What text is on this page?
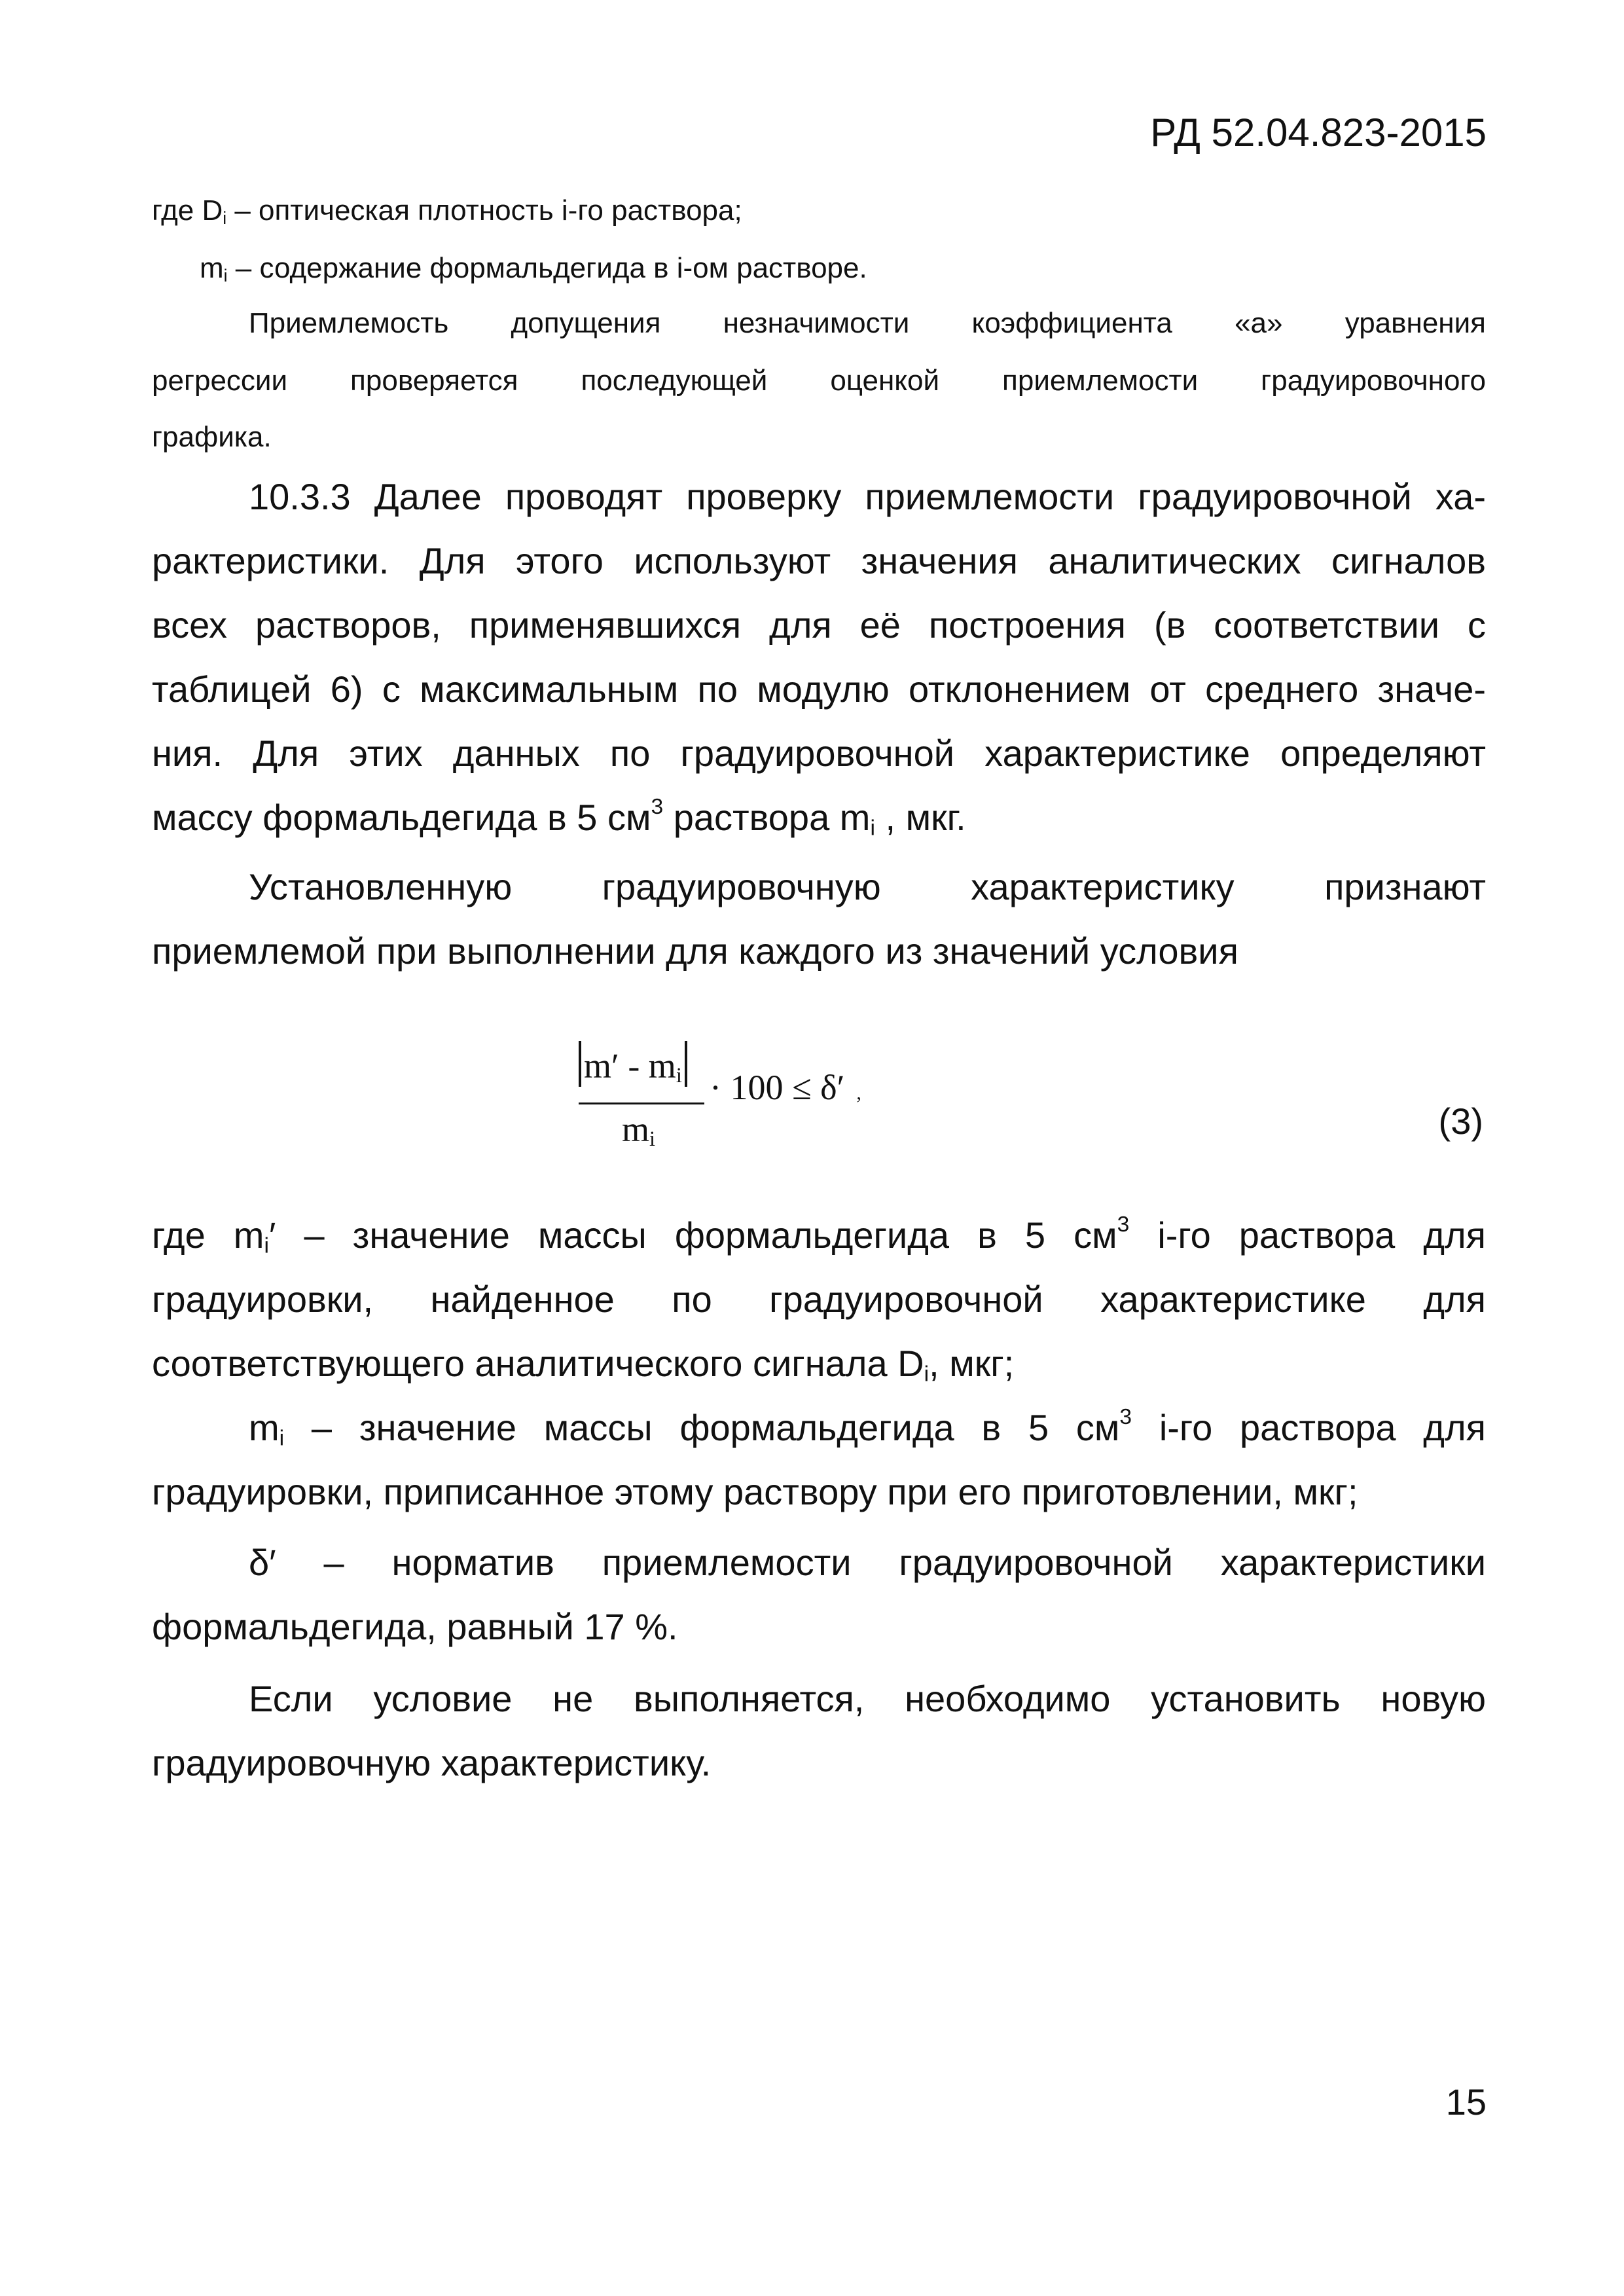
РД 52.04.823-2015
где $D_i$ – оптическая плотность i-го раствора;
$m_i$ – содержание формальдегида в i-ом растворе.
Приемлемость допущения незначимости коэффициента «a» уравнения
регрессии проверяется последующей оценкой приемлемости градуировочного
графика.
10.3.3 Далее проводят проверку приемлемости градуировочной ха-
рактеристики. Для этого используют значения аналитических сигналов
всех растворов, применявшихся для её построения (в соответствии с
таблицей 6) с максимальным по модулю отклонением от среднего значе-
ния. Для этих данных по градуировочной характеристике определяют
массу формальдегида в 5 $см^3$ раствора $m_i$ , мкг.
Установленную градуировочную характеристику признают
приемлемой при выполнении для каждого из значений условия
$m' - m_i$
$m_i$
· 100 ≤ δ′ ,
(3)
где $m_i'$ – значение массы формальдегида в 5 $см^3$ i-го раствора для
градуировки, найденное по градуировочной характеристике для
соответствующего аналитического сигнала $D_i$, мкг;
$m_i$ – значение массы формальдегида в 5 $см^3$ i-го раствора для
градуировки, приписанное этому раствору при его приготовлении, мкг;
δ′ – норматив приемлемости градуировочной характеристики
формальдегида, равный 17 %.
Если условие не выполняется, необходимо установить новую
градуировочную характеристику.
15
